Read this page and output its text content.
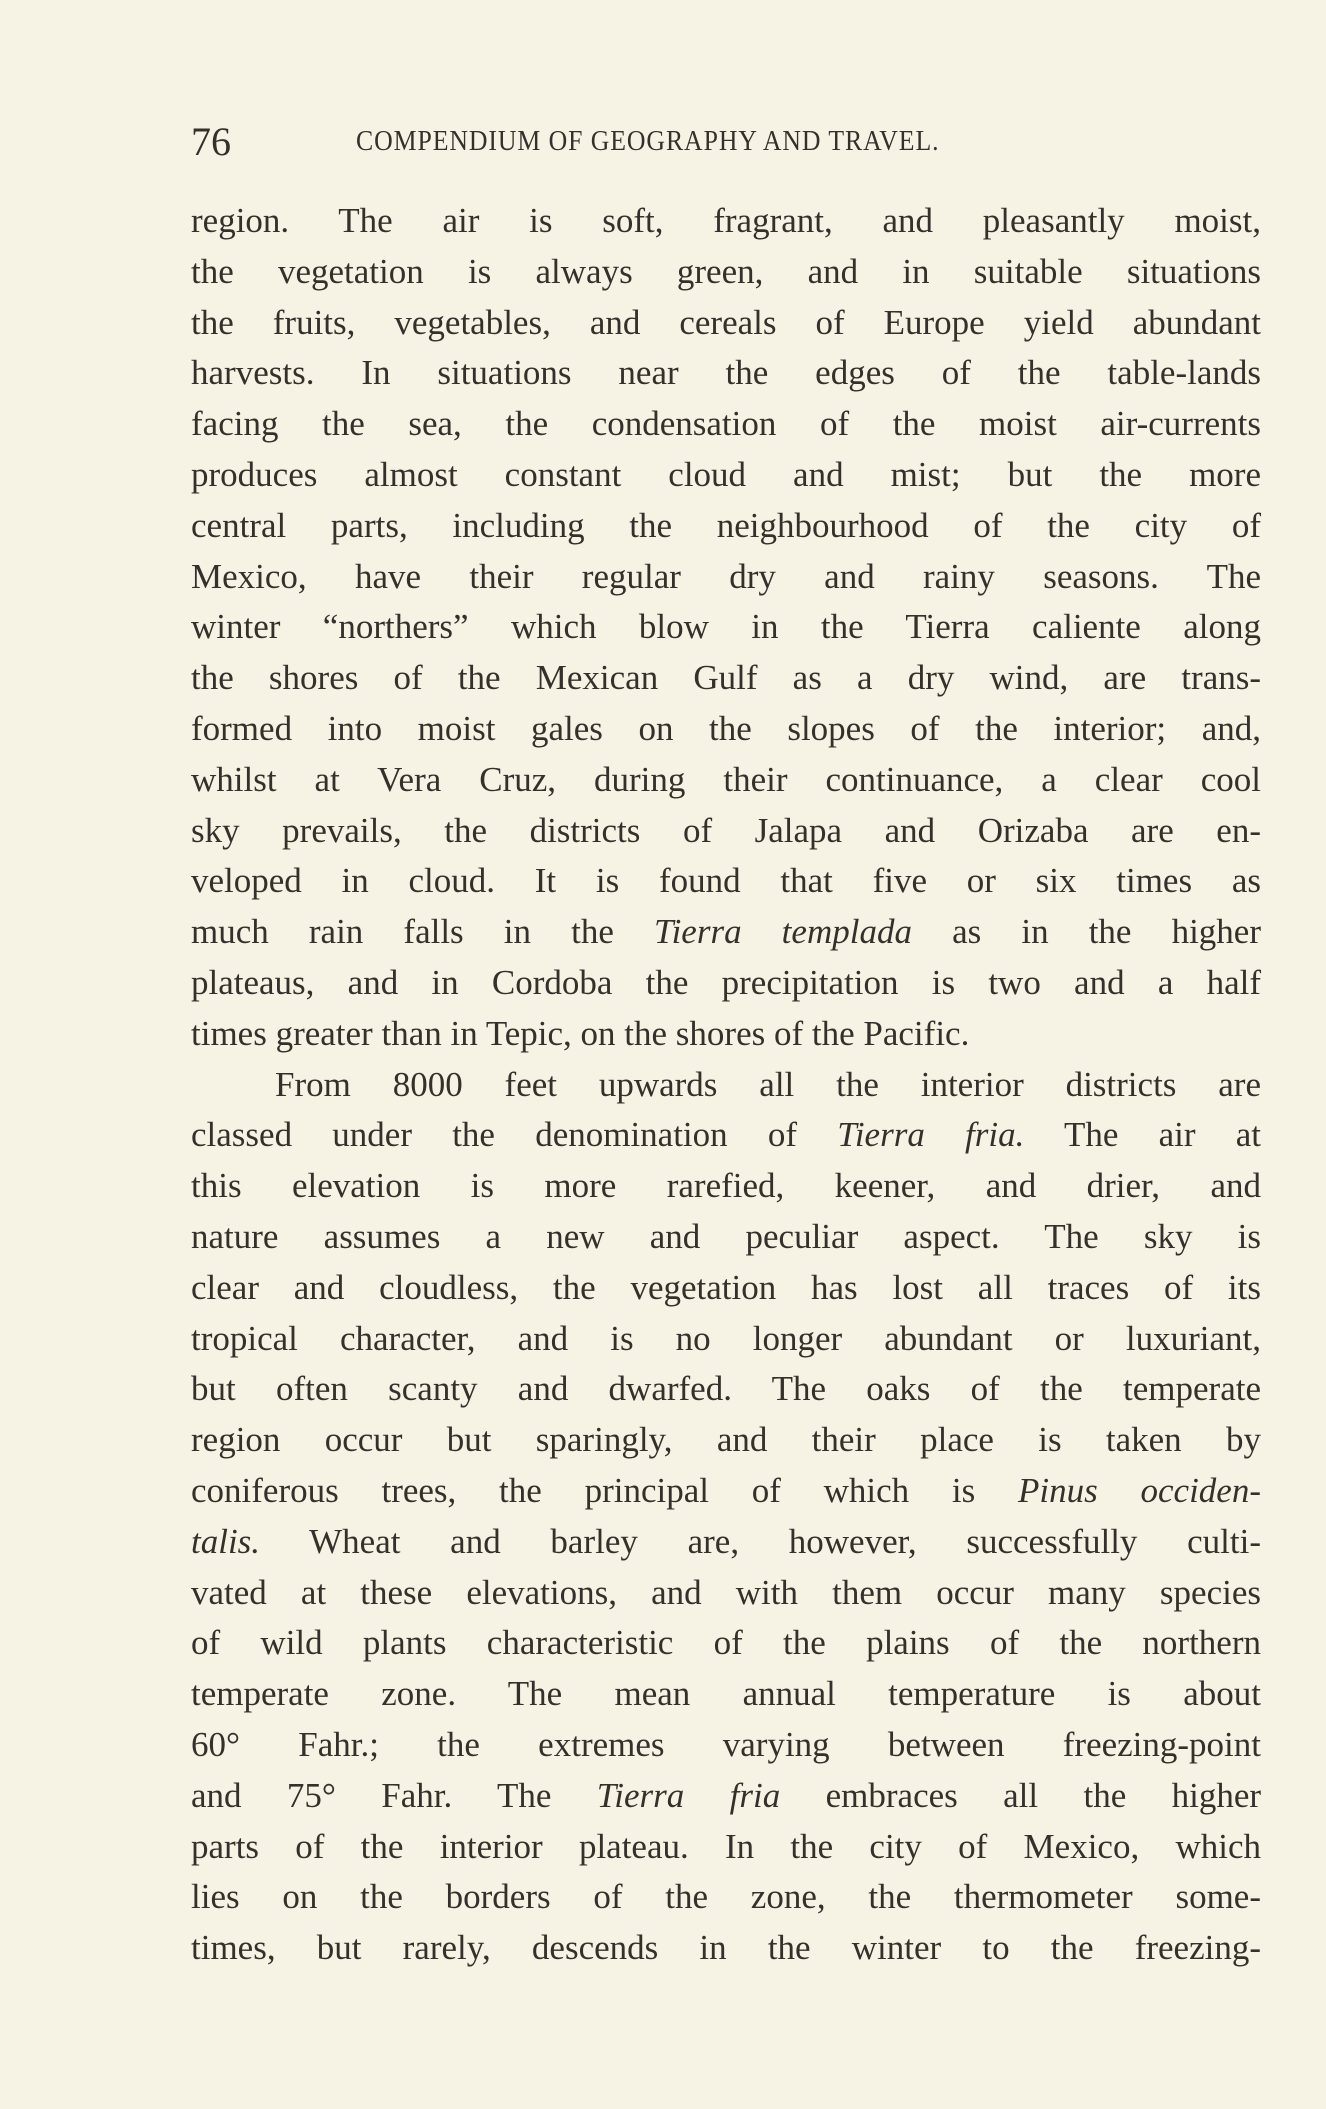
76	COMPENDIUM OF GEOGRAPHY AND TRAVEL.
region. The air is soft, fragrant, and pleasantly moist,
the vegetation is always green, and in suitable situations
the fruits, vegetables, and cereals of Europe yield abundant
harvests. In situations near the edges of the table-lands
facing the sea, the condensation of the moist air-currents
produces almost constant cloud and mist; but the more
central parts, including the neighbourhood of the city of
Mexico, have their regular dry and rainy seasons. The
winter “northers” which blow in the Tierra caliente along
the shores of the Mexican Gulf as a dry wind, are trans-
formed into moist gales on the slopes of the interior; and,
whilst at Vera Cruz, during their continuance, a clear cool
sky prevails, the districts of Jalapa and Orizaba are en-
veloped in cloud. It is found that five or six times as
much rain falls in the Tierra templada as in the higher
plateaus, and in Cordoba the precipitation is two and a half
times greater than in Tepic, on the shores of the Pacific.
From 8000 feet upwards all the interior districts are
classed under the denomination of Tierra fria. The air at
this elevation is more rarefied, keener, and drier, and
nature assumes a new and peculiar aspect. The sky is
clear and cloudless, the vegetation has lost all traces of its
tropical character, and is no longer abundant or luxuriant,
but often scanty and dwarfed. The oaks of the temperate
region occur but sparingly, and their place is taken by
coniferous trees, the principal of which is Pinus occiden-
talis. Wheat and barley are, however, successfully culti-
vated at these elevations, and with them occur many species
of wild plants characteristic of the plains of the northern
temperate zone. The mean annual temperature is about
60° Fahr.; the extremes varying between freezing-point
and 75° Fahr. The Tierra fria embraces all the higher
parts of the interior plateau. In the city of Mexico, which
lies on the borders of the zone, the thermometer some-
times, but rarely, descends in the winter to the freezing-
